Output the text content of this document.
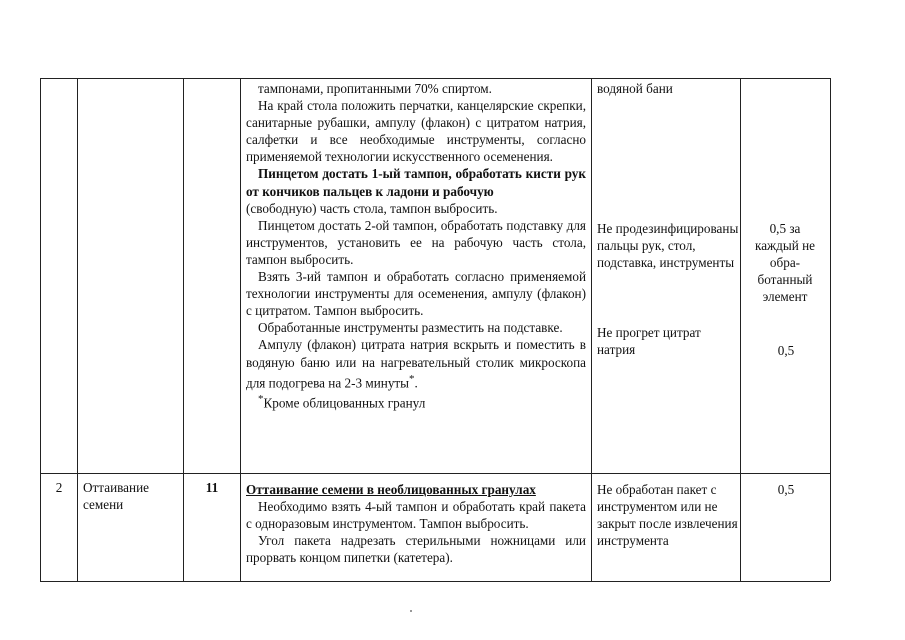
тампонами, пропитанными 70% спиртом.

На край стола положить перчатки, канцелярские скрепки, санитарные рубашки, ампулу (флакон) с цитратом натрия, салфетки и все необходимые инструменты, согласно применяемой технологии искусственного осеменения.

Пинцетом достать 1-ый тампон, обработать кисти рук от кончиков пальцев к ладони и рабочую

(свободную) часть стола, тампон выбросить.

Пинцетом достать 2-ой тампон, обработать подставку для инструментов, установить ее на рабочую часть стола, тампон выбросить.

Взять 3-ий тампон и обработать согласно применяемой технологии инструменты для осеменения, ампулу (флакон) с цитратом. Тампон выбросить.

Обработанные инструменты разместить на подставке.

Ампулу (флакон) цитрата натрия вскрыть и поместить в водяную баню или на нагревательный столик микроскопа для подогрева на 2-3 минуты*.

*Кроме облицованных гранул

водяной бани
Не продезинфицированы пальцы рук, стол, подставка, инструменты
Не прогрет цитрат натрия
0,5 за каждый не обра-ботанный элемент
0,5
2	Оттаивание семени
11	Оттаивание семени в необлицованных гранулах

Необходимо взять 4-ый тампон и обработать край пакета с одноразовым инструментом. Тампон выбросить.

Угол пакета надрезать стерильными ножницами или прорвать концом пипетки (катетера).

Не обработан пакет с инструментом или не закрыт после извлечения инструмента
0,5
